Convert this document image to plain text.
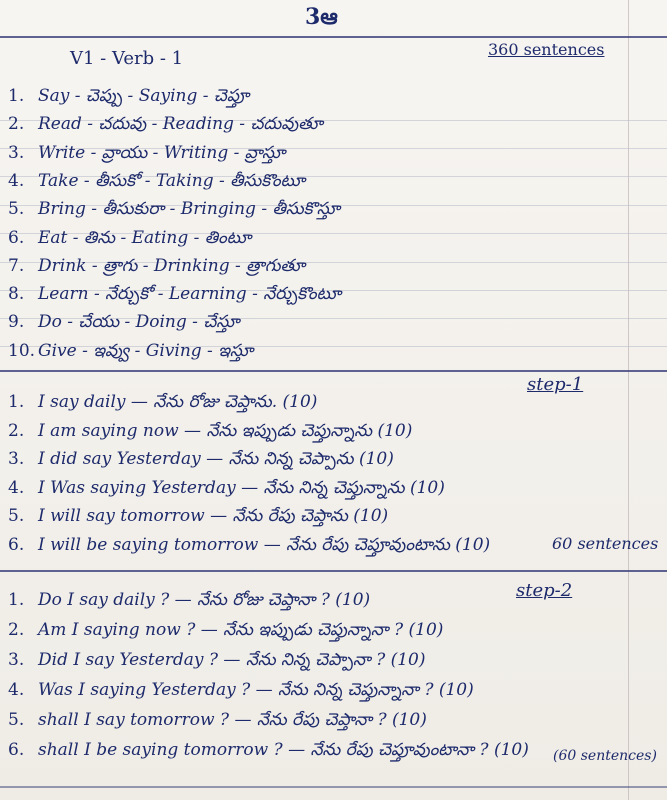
3ఆ
V1 - Verb - 1	360 sentences
1. Say - చెప్పు - Saying - చెప్తూ
2. Read - చదువు - Reading - చదువుతూ
3. Write - వ్రాయు - Writing - వ్రాస్తూ
4. Take - తీసుకో - Taking - తీసుకొంటూ
5. Bring - తీసుకురా - Bringing - తీసుకొస్తూ
6. Eat - తిను - Eating - తింటూ
7. Drink - త్రాగు - Drinking - త్రాగుతూ
8. Learn - నేర్చుకో - Learning - నేర్చుకొంటూ
9. Do - చేయు - Doing - చేస్తూ
10. Give - ఇవ్వు - Giving - ఇస్తూ
step-1
1. I say daily — నేను రోజు చెప్తాను. (10)
2. I am saying now — నేను ఇప్పుడు చెప్తున్నాను (10)
3. I did say Yesterday — నేను నిన్న చెప్పాను (10)
4. I Was saying Yesterday — నేను నిన్న చెప్తున్నాను (10)
5. I will say tomorrow — నేను రేపు చెప్తాను (10)
6. I will be saying tomorrow — నేను రేపు చెప్తూవుంటాను (10)	60 sentences
step-2
1. Do I say daily ? — నేను రోజు చెప్తానా ? (10)
2. Am I saying now ? — నేను ఇప్పుడు చెప్తున్నానా ? (10)
3. Did I say Yesterday ? — నేను నిన్న చెప్పానా ? (10)
4. Was I saying Yesterday ? — నేను నిన్న చెప్తున్నానా ? (10)
5. shall I say tomorrow ? — నేను రేపు చెప్తానా ? (10)
6. shall I be saying tomorrow ? — నేను రేపు చెప్తూవుంటానా ? (10) (60 sentences)
